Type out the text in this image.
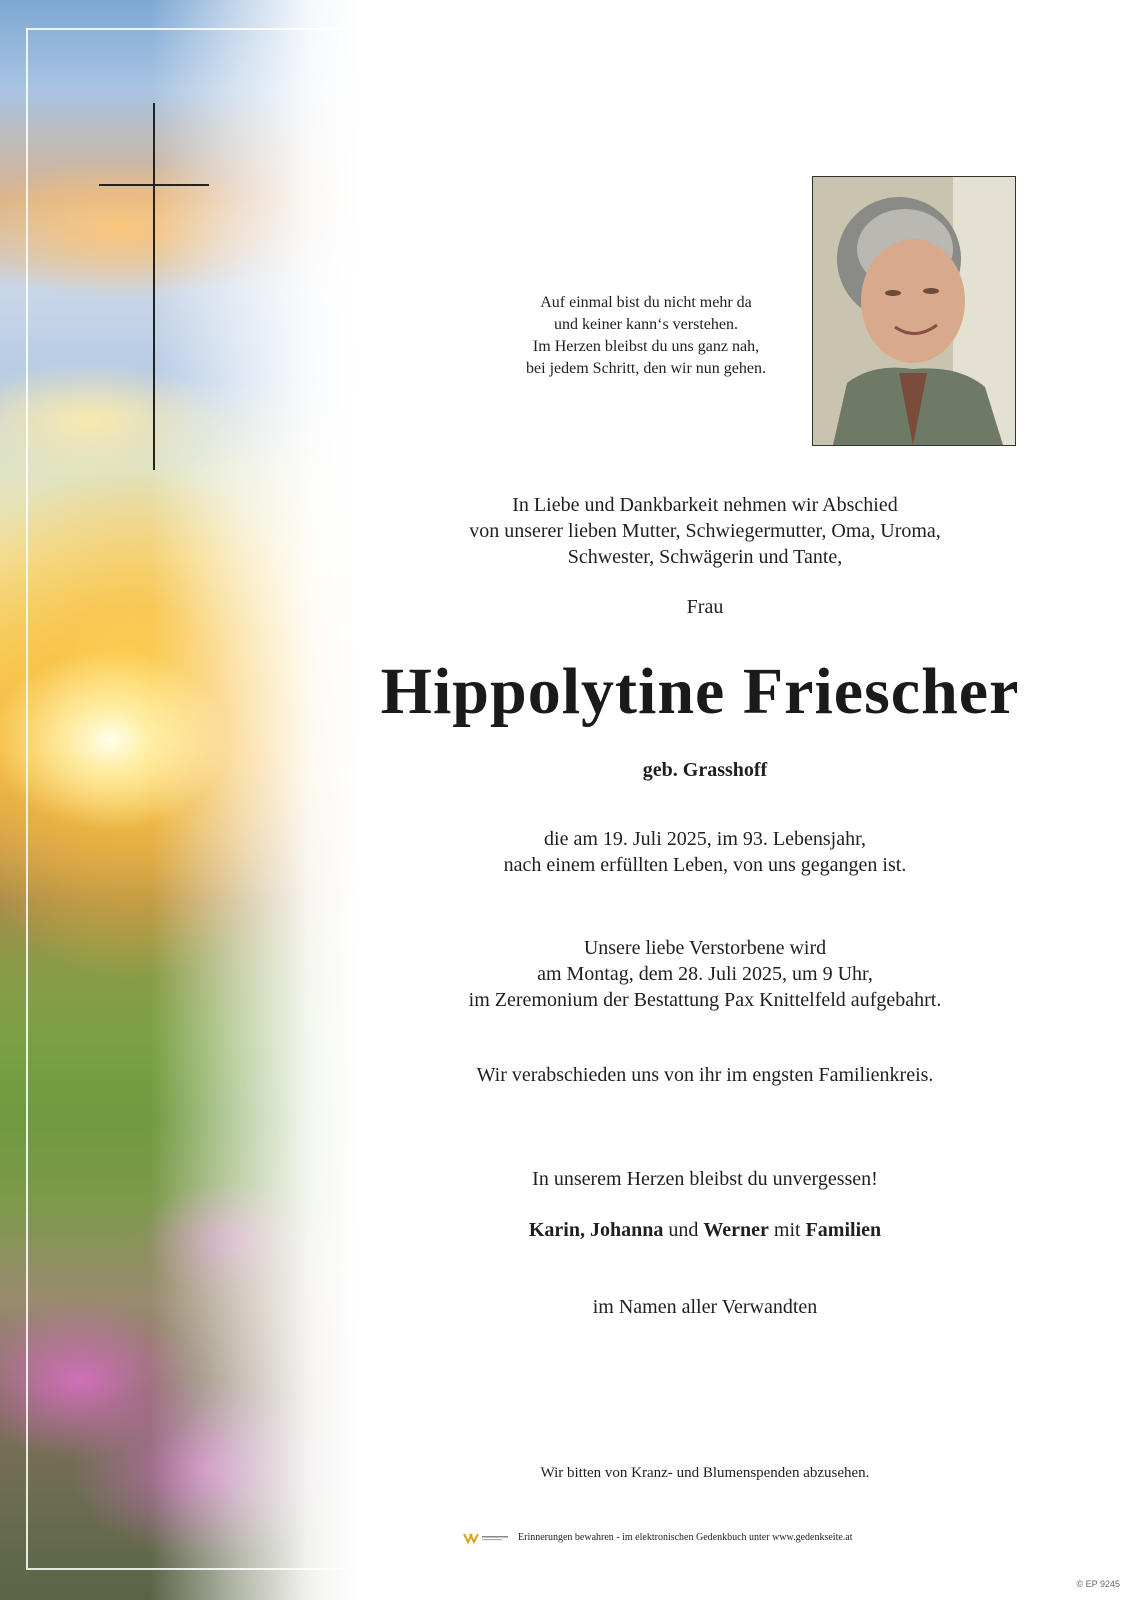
Auf einmal bist du nicht mehr da
und keiner kann‘s verstehen.
Im Herzen bleibst du uns ganz nah,
bei jedem Schritt, den wir nun gehen.
In Liebe und Dankbarkeit nehmen wir Abschied
von unserer lieben Mutter, Schwiegermutter, Oma, Uroma,
Schwester, Schwägerin und Tante,
Frau
Hippolytine Friescher
geb. Grasshoff
die am 19. Juli 2025, im 93. Lebensjahr,
nach einem erfüllten Leben, von uns gegangen ist.
Unsere liebe Verstorbene wird
am Montag, dem 28. Juli 2025, um 9 Uhr,
im Zeremonium der Bestattung Pax Knittelfeld aufgebahrt.
Wir verabschieden uns von ihr im engsten Familienkreis.
In unserem Herzen bleibst du unvergessen!
Karin, Johanna und Werner mit Familien
im Namen aller Verwandten
Wir bitten von Kranz- und Blumenspenden abzusehen.
Erinnerungen bewahren - im elektronischen Gedenkbuch unter www.gedenkseite.at
© EP 9245
